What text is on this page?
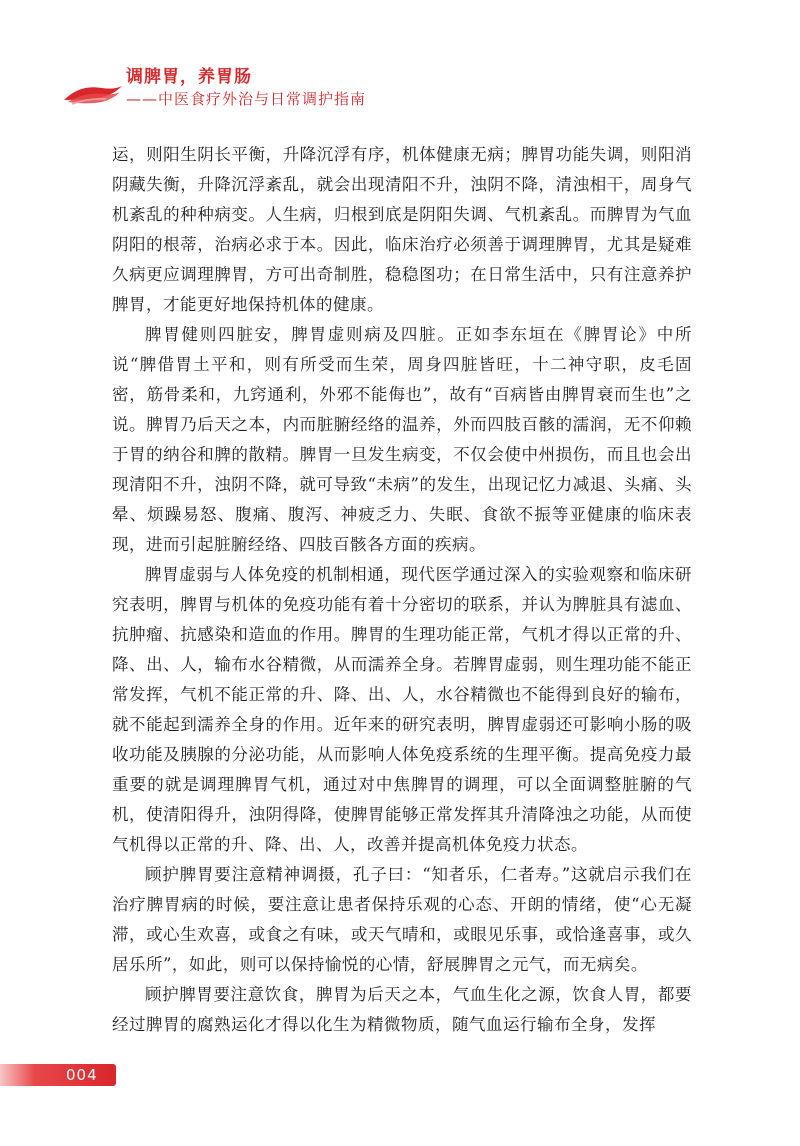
调脾胃，养胃肠
——中医食疗外治与日常调护指南

运，则阳生阴长平衡，升降沉浮有序，机体健康无病；脾胃功能失调，则阳消阴藏失衡，升降沉浮紊乱，就会出现清阳不升，浊阴不降，清浊相干，周身气机紊乱的种种病变。人生病，归根到底是阴阳失调、气机紊乱。而脾胃为气血阴阳的根蒂，治病必求于本。因此，临床治疗必须善于调理脾胃，尤其是疑难久病更应调理脾胃，方可出奇制胜，稳稳图功；在日常生活中，只有注意养护脾胃，才能更好地保持机体的健康。

脾胃健则四脏安，脾胃虚则病及四脏。正如李东垣在《脾胃论》中所说“脾借胃土平和，则有所受而生荣，周身四脏皆旺，十二神守职，皮毛固密，筋骨柔和，九窍通利，外邪不能侮也”，故有“百病皆由脾胃衰而生也”之说。脾胃乃后天之本，内而脏腑经络的温养，外而四肢百骸的濡润，无不仰赖于胃的纳谷和脾的散精。脾胃一旦发生病变，不仅会使中州损伤，而且也会出现清阳不升，浊阴不降，就可导致“未病”的发生，出现记忆力减退、头痛、头晕、烦躁易怒、腹痛、腹泻、神疲乏力、失眠、食欲不振等亚健康的临床表现，进而引起脏腑经络、四肢百骸各方面的疾病。

脾胃虚弱与人体免疫的机制相通，现代医学通过深入的实验观察和临床研究表明，脾胃与机体的免疫功能有着十分密切的联系，并认为脾脏具有滤血、抗肿瘤、抗感染和造血的作用。脾胃的生理功能正常，气机才得以正常的升、降、出、人，输布水谷精微，从而濡养全身。若脾胃虚弱，则生理功能不能正常发挥，气机不能正常的升、降、出、人，水谷精微也不能得到良好的输布，就不能起到濡养全身的作用。近年来的研究表明，脾胃虚弱还可影响小肠的吸收功能及胰腺的分泌功能，从而影响人体免疫系统的生理平衡。提高免疫力最重要的就是调理脾胃气机，通过对中焦脾胃的调理，可以全面调整脏腑的气机，使清阳得升，浊阴得降，使脾胃能够正常发挥其升清降浊之功能，从而使气机得以正常的升、降、出、人，改善并提高机体免疫力状态。

顾护脾胃要注意精神调摄，孔子曰：“知者乐，仁者寿。”这就启示我们在治疗脾胃病的时候，要注意让患者保持乐观的心态、开朗的情绪，使“心无凝滞，或心生欢喜，或食之有味，或天气晴和，或眼见乐事，或恰逢喜事，或久居乐所”，如此，则可以保持愉悦的心情，舒展脾胃之元气，而无病矣。

顾护脾胃要注意饮食，脾胃为后天之本，气血生化之源，饮食人胃，都要经过脾胃的腐熟运化才得以化生为精微物质，随气血运行输布全身，发挥

004
